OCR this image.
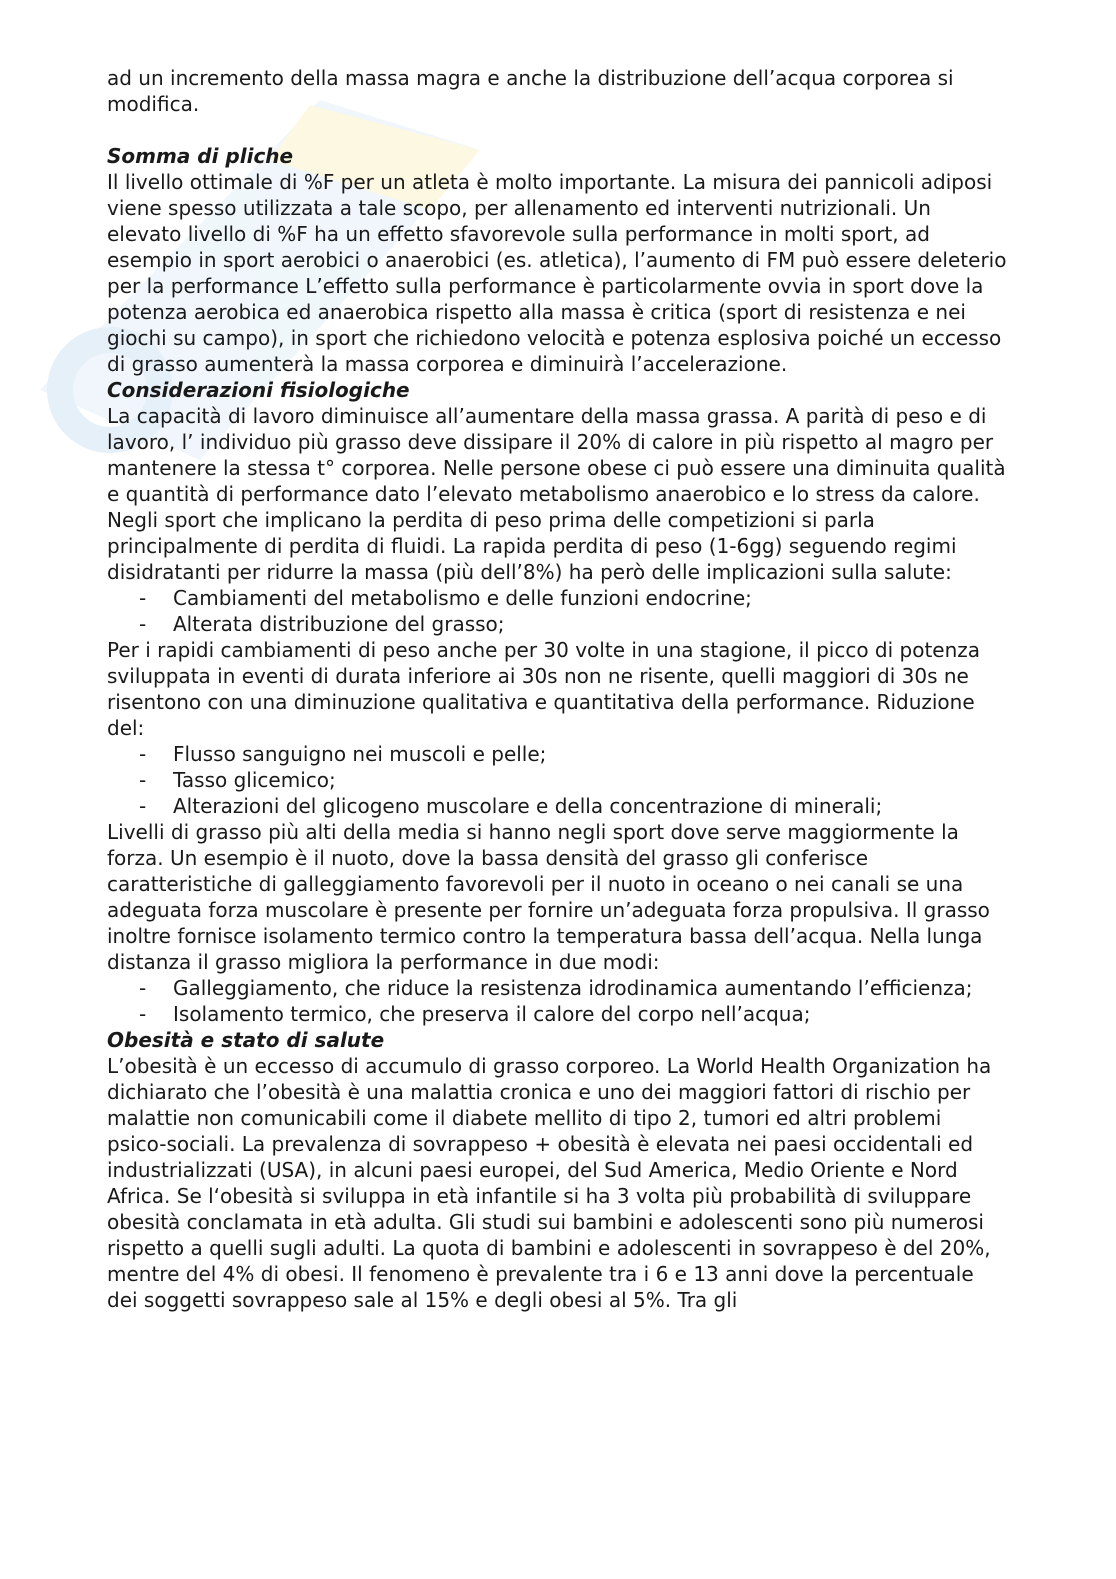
ad un incremento della massa magra e anche la distribuzione dell’acqua corporea si modifica.

Somma di pliche

Il livello ottimale di %F per un atleta è molto importante. La misura dei pannicoli adiposi viene spesso utilizzata a tale scopo, per allenamento ed interventi nutrizionali. Un elevato livello di %F ha un effetto sfavorevole sulla performance in molti sport, ad esempio in sport aerobici o anaerobici (es. atletica), l’aumento di FM può essere deleterio per la performance L’effetto sulla performance è particolarmente ovvia in sport dove la potenza aerobica ed anaerobica rispetto alla massa è critica (sport di resistenza e nei giochi su campo), in sport che richiedono velocità e potenza esplosiva poiché un eccesso di grasso aumenterà la massa corporea e diminuirà l’accelerazione.

Considerazioni fisiologiche

La capacità di lavoro diminuisce all’aumentare della massa grassa. A parità di peso e di lavoro, l’ individuo più grasso deve dissipare il 20% di calore in più rispetto al magro per mantenere la stessa t° corporea. Nelle persone obese ci può essere una diminuita qualità e quantità di performance dato l’elevato metabolismo anaerobico e lo stress da calore.

Negli sport che implicano la perdita di peso prima delle competizioni si parla principalmente di perdita di fluidi. La rapida perdita di peso (1-6gg) seguendo regimi disidratanti per ridurre la massa (più dell’8%) ha però delle implicazioni sulla salute:

- Cambiamenti del metabolismo e delle funzioni endocrine;
- Alterata distribuzione del grasso;

Per i rapidi cambiamenti di peso anche per 30 volte in una stagione, il picco di potenza sviluppata in eventi di durata inferiore ai 30s non ne risente, quelli maggiori di 30s ne risentono con una diminuzione qualitativa e quantitativa della performance. Riduzione del:

- Flusso sanguigno nei muscoli e pelle;
- Tasso glicemico;
- Alterazioni del glicogeno muscolare e della concentrazione di minerali;

Livelli di grasso più alti della media si hanno negli sport dove serve maggiormente la forza. Un esempio è il nuoto, dove la bassa densità del grasso gli conferisce caratteristiche di galleggiamento favorevoli per il nuoto in oceano o nei canali se una adeguata forza muscolare è presente per fornire un’adeguata forza propulsiva. Il grasso inoltre fornisce isolamento termico contro la temperatura bassa dell’acqua. Nella lunga distanza il grasso migliora la performance in due modi:

- Galleggiamento, che riduce la resistenza idrodinamica aumentando l’efficienza;
- Isolamento termico, che preserva il calore del corpo nell’acqua;
Obesità e stato di salute

L’obesità è un eccesso di accumulo di grasso corporeo. La World Health Organization ha dichiarato che l’obesità è una malattia cronica e uno dei maggiori fattori di rischio per malattie non comunicabili come il diabete mellito di tipo 2, tumori ed altri problemi psico-sociali. La prevalenza di sovrappeso + obesità è elevata nei paesi occidentali ed industrializzati (USA), in alcuni paesi europei, del Sud America, Medio Oriente e Nord Africa. Se l‘obesità si sviluppa in età infantile si ha 3 volta più probabilità di sviluppare obesità conclamata in età adulta. Gli studi sui bambini e adolescenti sono più numerosi rispetto a quelli sugli adulti. La quota di bambini e adolescenti in sovrappeso è del 20%, mentre del 4% di obesi. Il fenomeno è prevalente tra i 6 e 13 anni dove la percentuale dei soggetti sovrappeso sale al 15% e degli obesi al 5%. Tra gli
